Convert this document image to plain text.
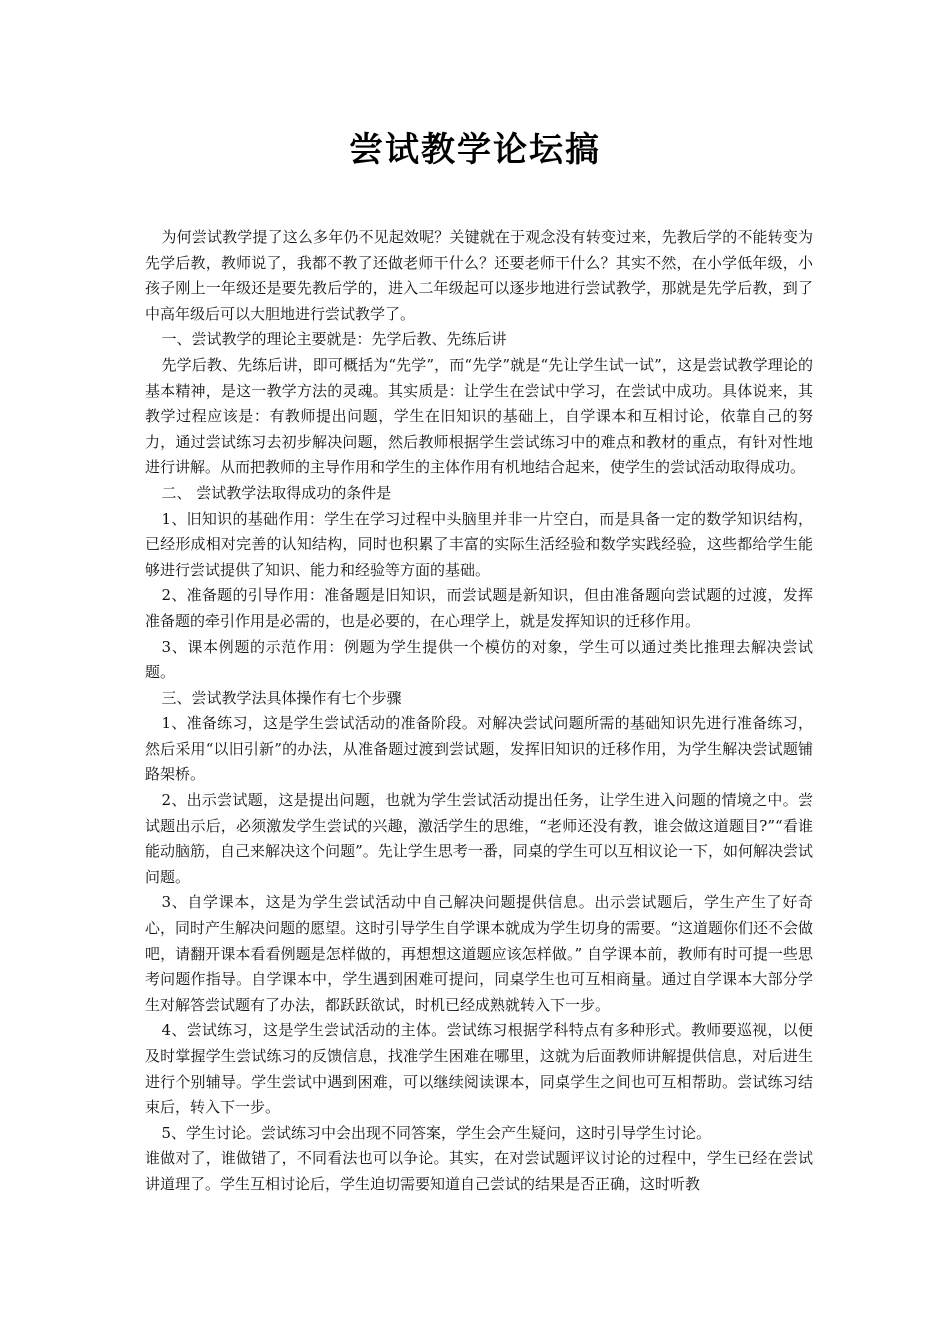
尝试教学论坛搞

为何尝试教学提了这么多年仍不见起效呢？关键就在于观念没有转变过来，先教后学的不能转变为先学后教，教师说了，我都不教了还做老师干什么？还要老师干什么？其实不然，在小学低年级，小孩子刚上一年级还是要先教后学的，进入二年级起可以逐步地进行尝试教学，那就是先学后教，到了中高年级后可以大胆地进行尝试教学了。

一、尝试教学的理论主要就是：先学后教、先练后讲

先学后教、先练后讲，即可概括为“先学”，而“先学”就是“先让学生试一试”，这是尝试教学理论的基本精神，是这一教学方法的灵魂。其实质是：让学生在尝试中学习，在尝试中成功。具体说来，其教学过程应该是：有教师提出问题，学生在旧知识的基础上，自学课本和互相讨论，依靠自己的努力，通过尝试练习去初步解决问题，然后教师根据学生尝试练习中的难点和教材的重点，有针对性地进行讲解。从而把教师的主导作用和学生的主体作用有机地结合起来，使学生的尝试活动取得成功。

二、 尝试教学法取得成功的条件是

1、旧知识的基础作用：学生在学习过程中头脑里并非一片空白，而是具备一定的数学知识结构，已经形成相对完善的认知结构，同时也积累了丰富的实际生活经验和数学实践经验，这些都给学生能够进行尝试提供了知识、能力和经验等方面的基础。

2、准备题的引导作用：准备题是旧知识，而尝试题是新知识，但由准备题向尝试题的过渡，发挥准备题的牵引作用是必需的，也是必要的，在心理学上，就是发挥知识的迁移作用。

3、课本例题的示范作用：例题为学生提供一个模仿的对象，学生可以通过类比推理去解决尝试题。

三、尝试教学法具体操作有七个步骤

1、准备练习，这是学生尝试活动的准备阶段。对解决尝试问题所需的基础知识先进行准备练习，然后采用“以旧引新”的办法，从准备题过渡到尝试题，发挥旧知识的迁移作用，为学生解决尝试题铺路架桥。

2、出示尝试题，这是提出问题，也就为学生尝试活动提出任务，让学生进入问题的情境之中。尝试题出示后，必须激发学生尝试的兴趣，激活学生的思维，“老师还没有教，谁会做这道题目?”“看谁能动脑筋，自己来解决这个问题”。先让学生思考一番，同桌的学生可以互相议论一下，如何解决尝试问题。

3、自学课本，这是为学生尝试活动中自己解决问题提供信息。出示尝试题后，学生产生了好奇心，同时产生解决问题的愿望。这时引导学生自学课本就成为学生切身的需要。“这道题你们还不会做吧，请翻开课本看看例题是怎样做的，再想想这道题应该怎样做。” 自学课本前，教师有时可提一些思考问题作指导。自学课本中，学生遇到困难可提问，同桌学生也可互相商量。通过自学课本大部分学生对解答尝试题有了办法，都跃跃欲试，时机已经成熟就转入下一步。

4、尝试练习，这是学生尝试活动的主体。尝试练习根据学科特点有多种形式。教师要巡视，以便及时掌握学生尝试练习的反馈信息，找准学生困难在哪里，这就为后面教师讲解提供信息，对后进生进行个别辅导。学生尝试中遇到困难，可以继续阅读课本，同桌学生之间也可互相帮助。尝试练习结束后，转入下一步。

5、学生讨论。尝试练习中会出现不同答案，学生会产生疑问，这时引导学生讨论。

谁做对了，谁做错了，不同看法也可以争论。其实，在对尝试题评议讨论的过程中，学生已经在尝试讲道理了。学生互相讨论后，学生迫切需要知道自己尝试的结果是否正确，这时听教
